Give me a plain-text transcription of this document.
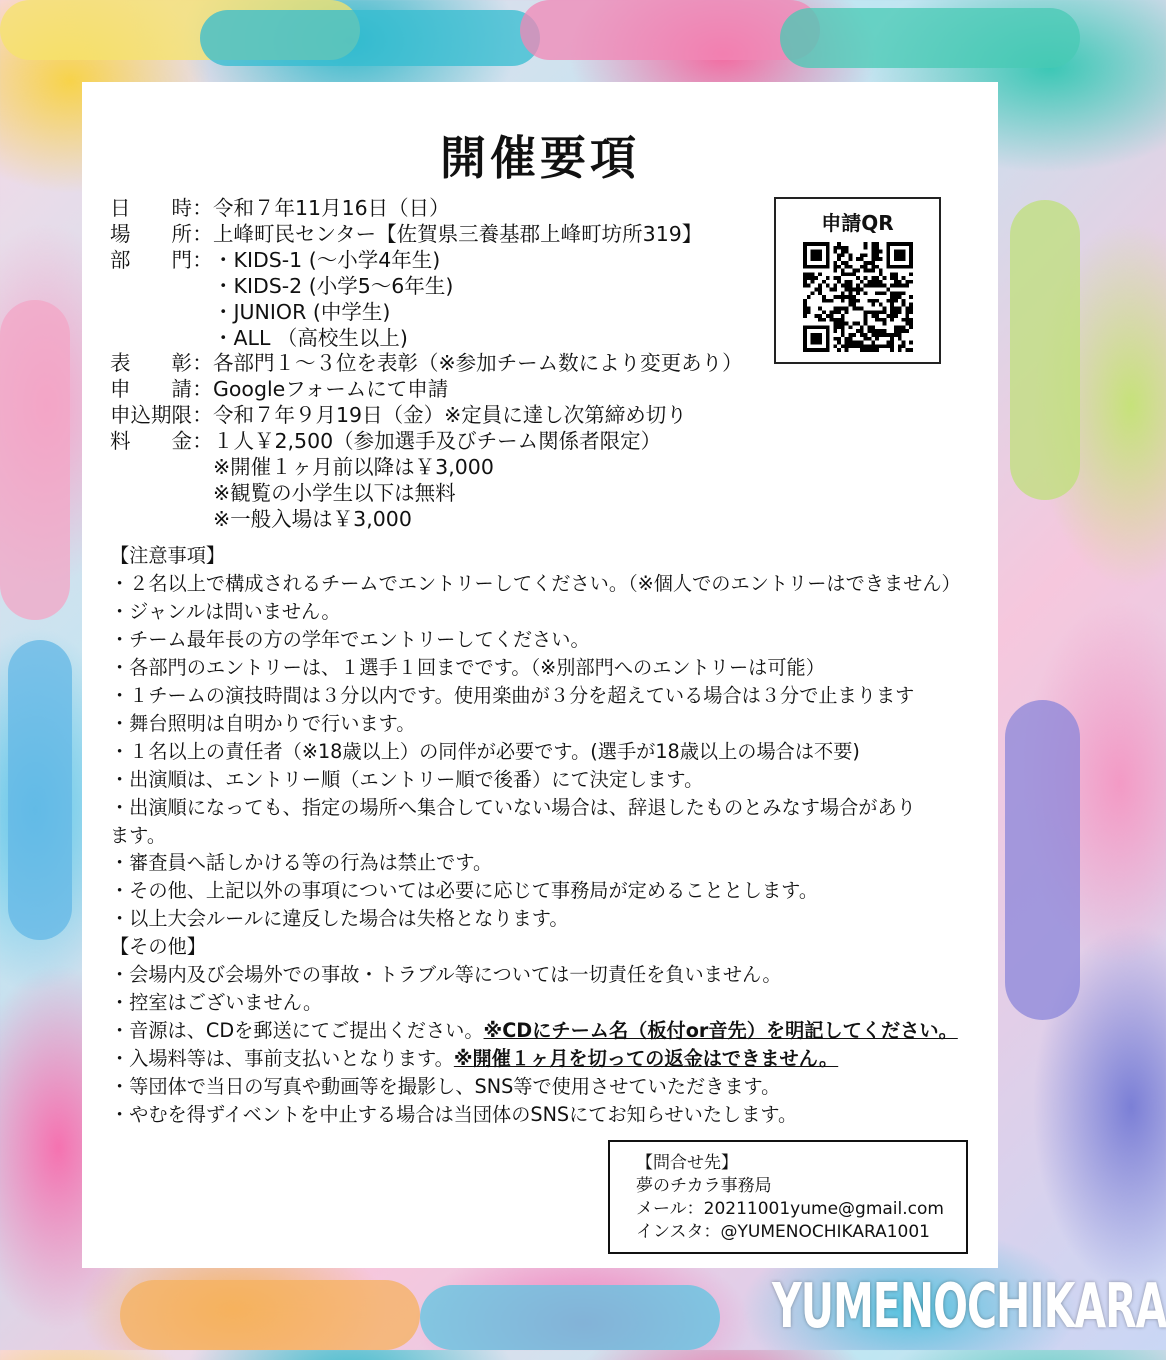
開催要項
日 時 ： 令和７年11月16日（日）
場 所 ： 上峰町民センター【佐賀県三養基郡上峰町坊所319】
部 門 ： ・KIDS-1 (〜小学4年生)
・KIDS-2 (小学5〜6年生)
・JUNIOR (中学生)
・ALL （高校生以上)
表 彰 ： 各部門１〜３位を表彰（※参加チーム数により変更あり）
申 請 ： Googleフォームにて申請
申込期限 ： 令和７年９月19日（金）※定員に達し次第締め切り
料 金 ： １人￥2,500（参加選手及びチーム関係者限定）
※開催１ヶ月前以降は￥3,000
※観覧の小学生以下は無料
※一般入場は￥3,000
申請QR
【注意事項】
・２名以上で構成されるチームでエントリーしてください。（※個人でのエントリーはできません）
・ジャンルは問いません。
・チーム最年長の方の学年でエントリーしてください。
・各部門のエントリーは、１選手１回までです。（※別部門へのエントリーは可能）
・１チームの演技時間は３分以内です。使用楽曲が３分を超えている場合は３分で止まります
・舞台照明は自明かりで行います。
・１名以上の責任者（※18歳以上）の同伴が必要です。(選手が18歳以上の場合は不要)
・出演順は、エントリー順（エントリー順で後番）にて決定します。
・出演順になっても、指定の場所へ集合していない場合は、辞退したものとみなす場合があります。
・審査員へ話しかける等の行為は禁止です。
・その他、上記以外の事項については必要に応じて事務局が定めることとします。
・以上大会ルールに違反した場合は失格となります。
【その他】
・会場内及び会場外での事故・トラブル等については一切責任を負いません。
・控室はございません。
・音源は、CDを郵送にてご提出ください。※CDにチーム名（板付or音先）を明記してください。
・入場料等は、事前支払いとなります。※開催１ヶ月を切っての返金はできません。
・等団体で当日の写真や動画等を撮影し、SNS等で使用させていただきます。
・やむを得ずイベントを中止する場合は当団体のSNSにてお知らせいたします。
【問合せ先】
夢のチカラ事務局
メール：20211001yume@gmail.com
インスタ：@YUMENOCHIKARA1001
YUMENOCHIKARA
